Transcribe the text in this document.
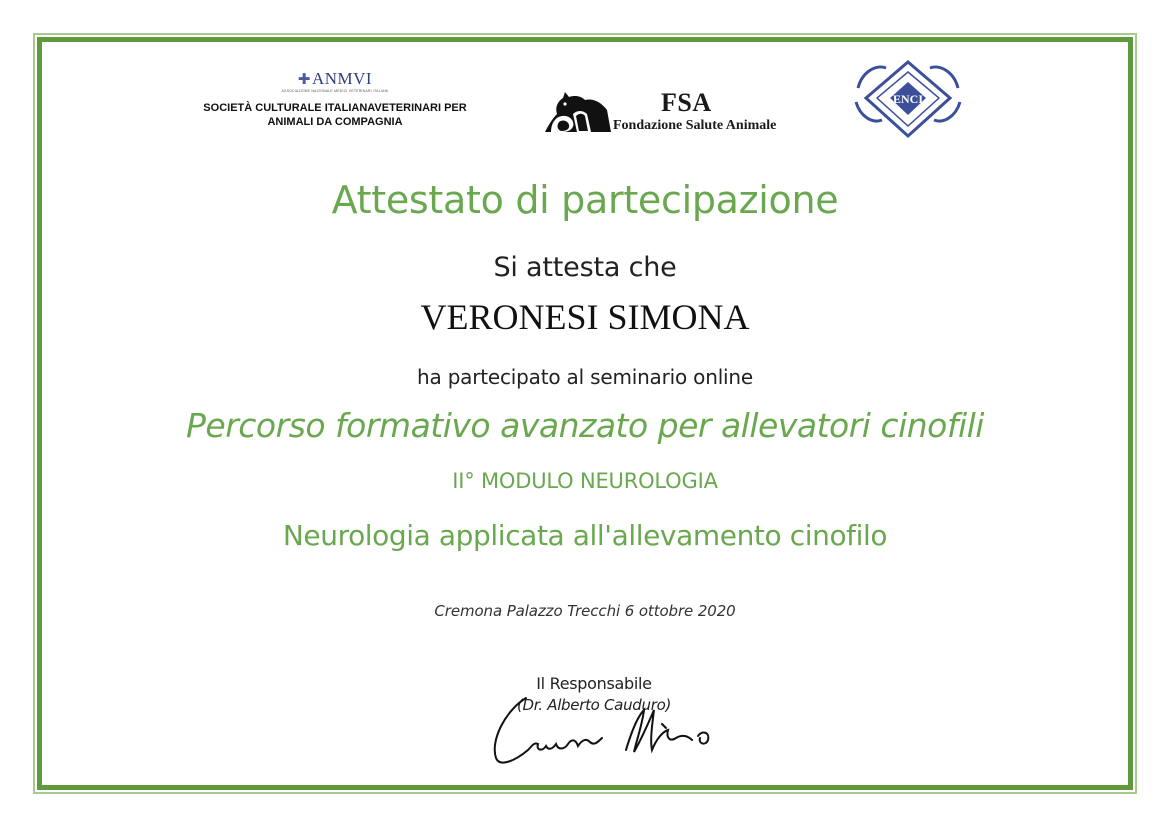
✚ANMVI
ASSOCIAZIONE NAZIONALE MEDICI VETERINARI ITALIANI
SOCIETÀ CULTURALE ITALIANAVETERINARI PER
ANIMALI DA COMPAGNIA
FSA
Fondazione Salute Animale
ENCI
Attestato di partecipazione
Si attesta che
VERONESI SIMONA
ha partecipato al seminario online
Percorso formativo avanzato per allevatori cinofili
II° MODULO NEUROLOGIA
Neurologia applicata all'allevamento cinofilo
Cremona Palazzo Trecchi 6 ottobre 2020
Il Responsabile
(Dr. Alberto Cauduro)
